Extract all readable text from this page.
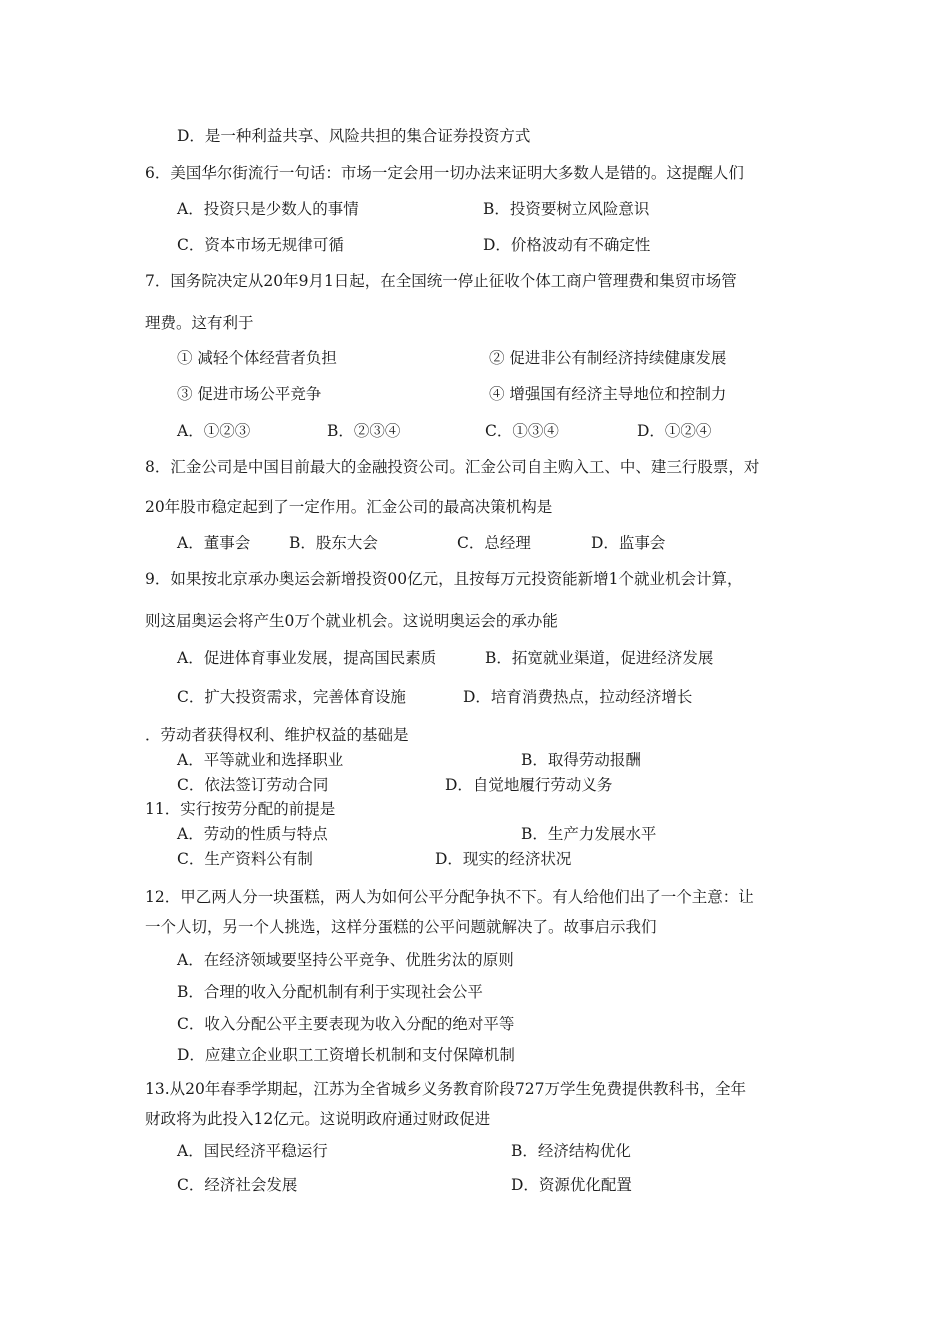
D．是一种利益共享、风险共担的集合证券投资方式
6．美国华尔街流行一句话：市场一定会用一切办法来证明大多数人是错的。这提醒人们
A．投资只是少数人的事情	B．投资要树立风险意识
C．资本市场无规律可循	D．价格波动有不确定性
7．国务院决定从20年9月1日起，在全国统一停止征收个体工商户管理费和集贸市场管
理费。这有利于
① 减轻个体经营者负担	② 促进非公有制经济持续健康发展
③ 促进市场公平竞争	④ 增强国有经济主导地位和控制力
A．①②③	B．②③④	C．①③④	D．①②④
8．汇金公司是中国目前最大的金融投资公司。汇金公司自主购入工、中、建三行股票，对
20年股市稳定起到了一定作用。汇金公司的最高决策机构是
A．董事会	B．股东大会	C．总经理	D．监事会
9．如果按北京承办奥运会新增投资00亿元，且按每万元投资能新增1个就业机会计算，
则这届奥运会将产生0万个就业机会。这说明奥运会的承办能
A．促进体育事业发展，提高国民素质	B．拓宽就业渠道，促进经济发展
C．扩大投资需求，完善体育设施	D．培育消费热点，拉动经济增长
．劳动者获得权利、维护权益的基础是
A．平等就业和选择职业	B．取得劳动报酬
C．依法签订劳动合同	D．自觉地履行劳动义务
11．实行按劳分配的前提是
A．劳动的性质与特点	B．生产力发展水平
C．生产资料公有制	D．现实的经济状况
12．甲乙两人分一块蛋糕，两人为如何公平分配争执不下。有人给他们出了一个主意：让
一个人切，另一个人挑选，这样分蛋糕的公平问题就解决了。故事启示我们
A．在经济领域要坚持公平竞争、优胜劣汰的原则
B．合理的收入分配机制有利于实现社会公平
C．收入分配公平主要表现为收入分配的绝对平等
D．应建立企业职工工资增长机制和支付保障机制
13.从20年春季学期起，江苏为全省城乡义务教育阶段727万学生免费提供教科书，全年
财政将为此投入12亿元。这说明政府通过财政促进
A．国民经济平稳运行	B．经济结构优化
C．经济社会发展	D．资源优化配置
